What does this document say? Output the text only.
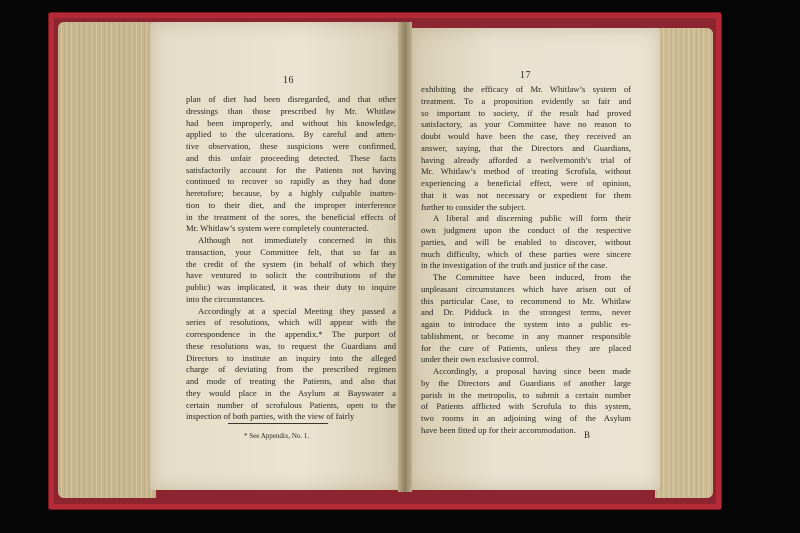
16	17
plan of diet had been disregarded, and that other
dressings than those prescribed by Mr. Whitlaw
had been improperly, and without his knowledge,
applied to the ulcerations. By careful and atten-
tive observation, these suspicions were confirmed,
and this unfair proceeding detected. These facts
satisfactorily account for the Patients not having
continued to recover so rapidly as they had done
heretofore; because, by a highly culpable inatten-
tion to their diet, and the improper interference
in the treatment of the sores, the beneficial effects of
Mr. Whitlaw’s system were completely counteracted.
Although not immediately concerned in this
transaction, your Committee felt, that so far as
the credit of the system (in behalf of which they
have ventured to solicit the contributions of the
public) was implicated, it was their duty to inquire
into the circumstances.
Accordingly at a special Meeting they passed a
series of resolutions, which will appear with the
correspondence in the appendix.* The purport of
these resolutions was, to request the Guardians and
Directors to institute an inquiry into the alleged
charge of deviating from the prescribed regimen
and mode of treating the Patients, and also that
they would place in the Asylum at Bayswater a
certain number of scrofulous Patients, open to the
inspection of both parties, with the view of fairly
exhibiting the efficacy of Mr. Whitlaw’s system of
treatment. To a proposition evidently so fair and
so important to society, if the result had proved
satisfactory, as your Committee have no reason to
doubt would have been the case, they received an
answer, saying, that the Directors and Guardians,
having already afforded a twelvemonth’s trial of
Mr. Whitlaw’s method of treating Scrofula, without
experiencing a beneficial effect, were of opinion,
that it was not necessary or expedient for them
further to consider the subject.
A liberal and discerning public will form their
own judgment upon the conduct of the respective
parties, and will be enabled to discover, without
much difficulty, which of these parties were sincere
in the investigation of the truth and justice of the case.
The Committee have been induced, from the
unpleasant circumstances which have arisen out of
this particular Case, to recommend to Mr. Whitlaw
and Dr. Pidduck in the strongest terms, never
again to introduce the system into a public es-
tablishment, or become in any manner responsible
for the cure of Patients, unless they are placed
under their own exclusive control.
Accordingly, a proposal having since been made
by the Directors and Guardians of another large
parish in the metropolis, to submit a certain number
of Patients afflicted with Scrofula to this system,
two rooms in an adjoining wing of the Asylum
have been fitted up for their accommodation.
* See Appendix, No. 1.	B
